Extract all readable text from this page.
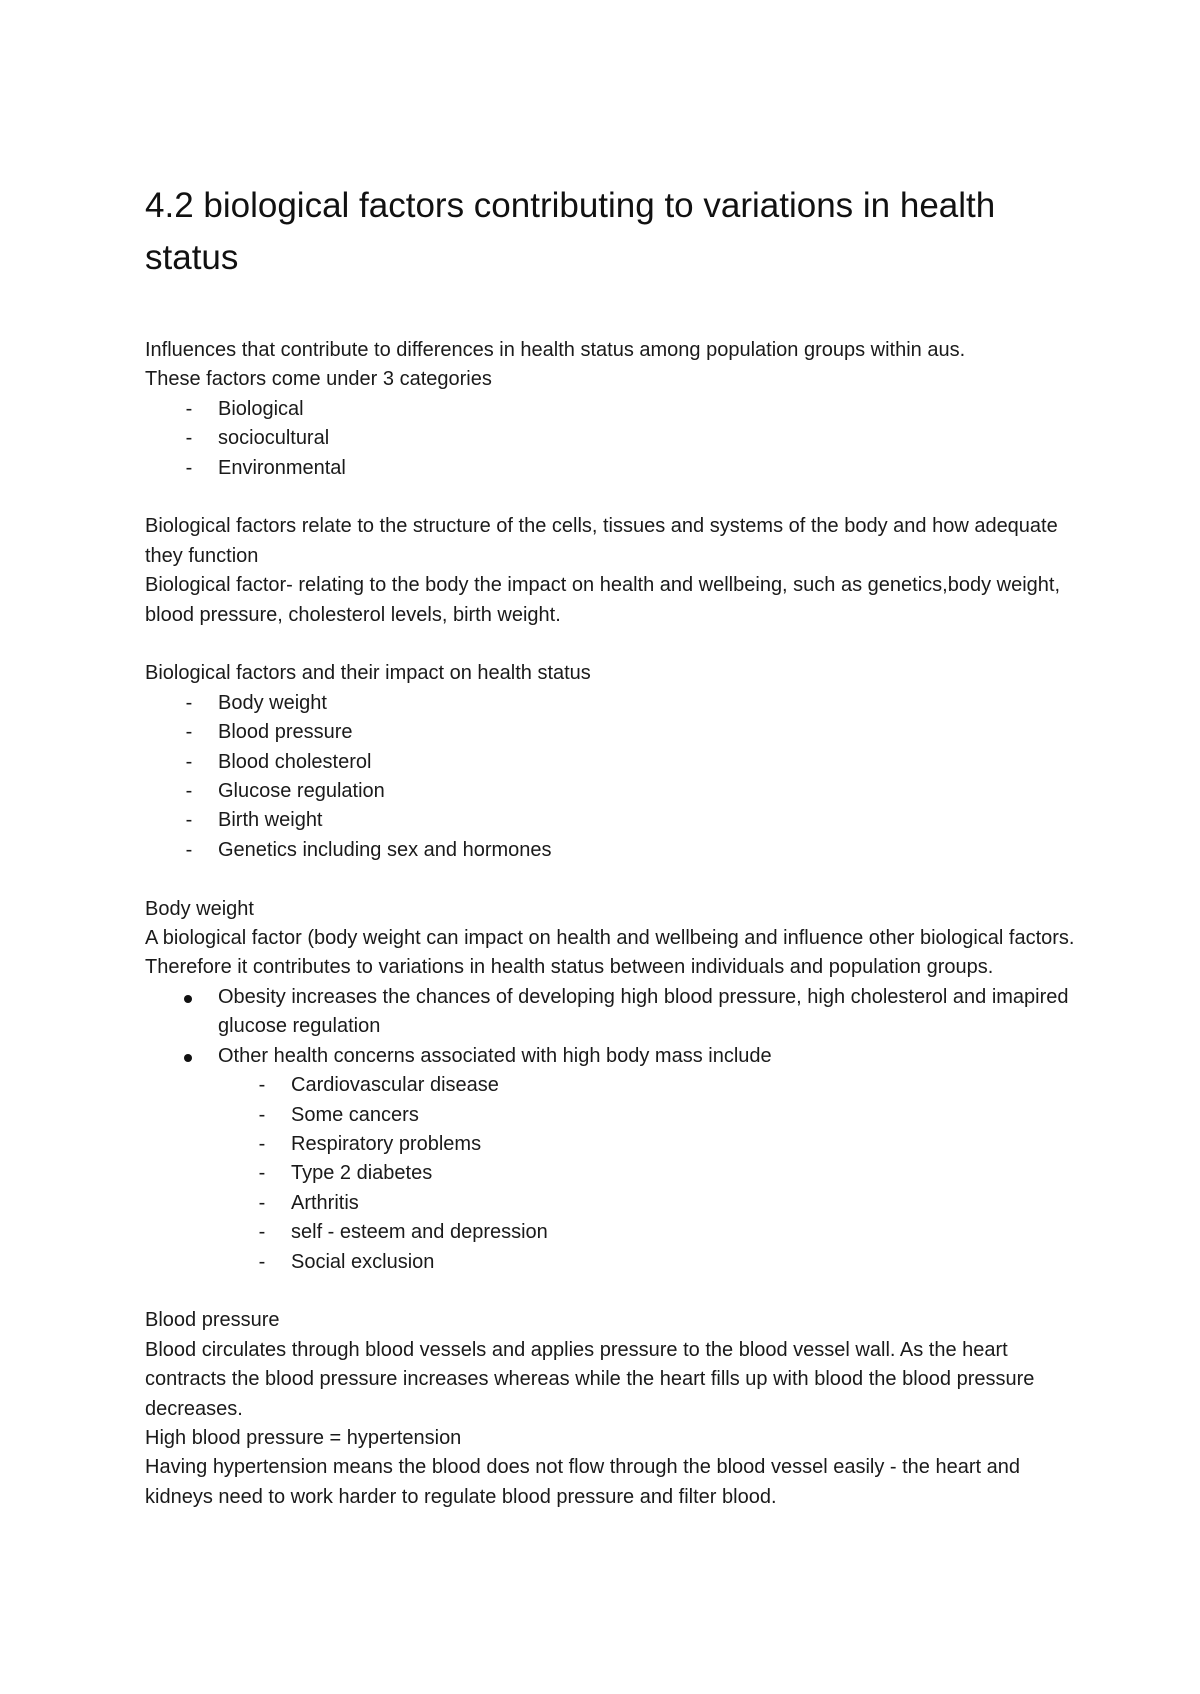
4.2 biological factors contributing to variations in health status

Influences that contribute to differences in health status among population groups within aus.

These factors come under 3 categories

-	Biological
-	sociocultural
-	Environmental

Biological factors relate to the structure of the cells, tissues and systems of the body and how adequate they function

Biological factor- relating to the body the impact on health and wellbeing, such as genetics,body weight, blood pressure, cholesterol levels, birth weight.

Biological factors and their impact on health status

-	Body weight
-	Blood pressure
-	Blood cholesterol
-	Glucose regulation
-	Birth weight
-	Genetics including sex and hormones

Body weight

A biological factor (body weight can impact on health and wellbeing and influence other biological factors. Therefore it contributes to variations in health status between individuals and population groups.

Obesity increases the chances of developing high blood pressure, high cholesterol and imapired glucose regulation
Other health concerns associated with high body mass include
-	Cardiovascular disease
-	Some cancers
-	Respiratory problems
-	Type 2 diabetes
-	Arthritis
-	self - esteem and depression
-	Social exclusion

Blood pressure

Blood circulates through blood vessels and applies pressure to the blood vessel wall. As the heart contracts the blood pressure increases whereas while the heart fills up with blood the blood pressure decreases.

High blood pressure = hypertension

Having hypertension means the blood does not flow through the blood vessel easily - the heart and kidneys need to work harder to regulate blood pressure and filter blood.
